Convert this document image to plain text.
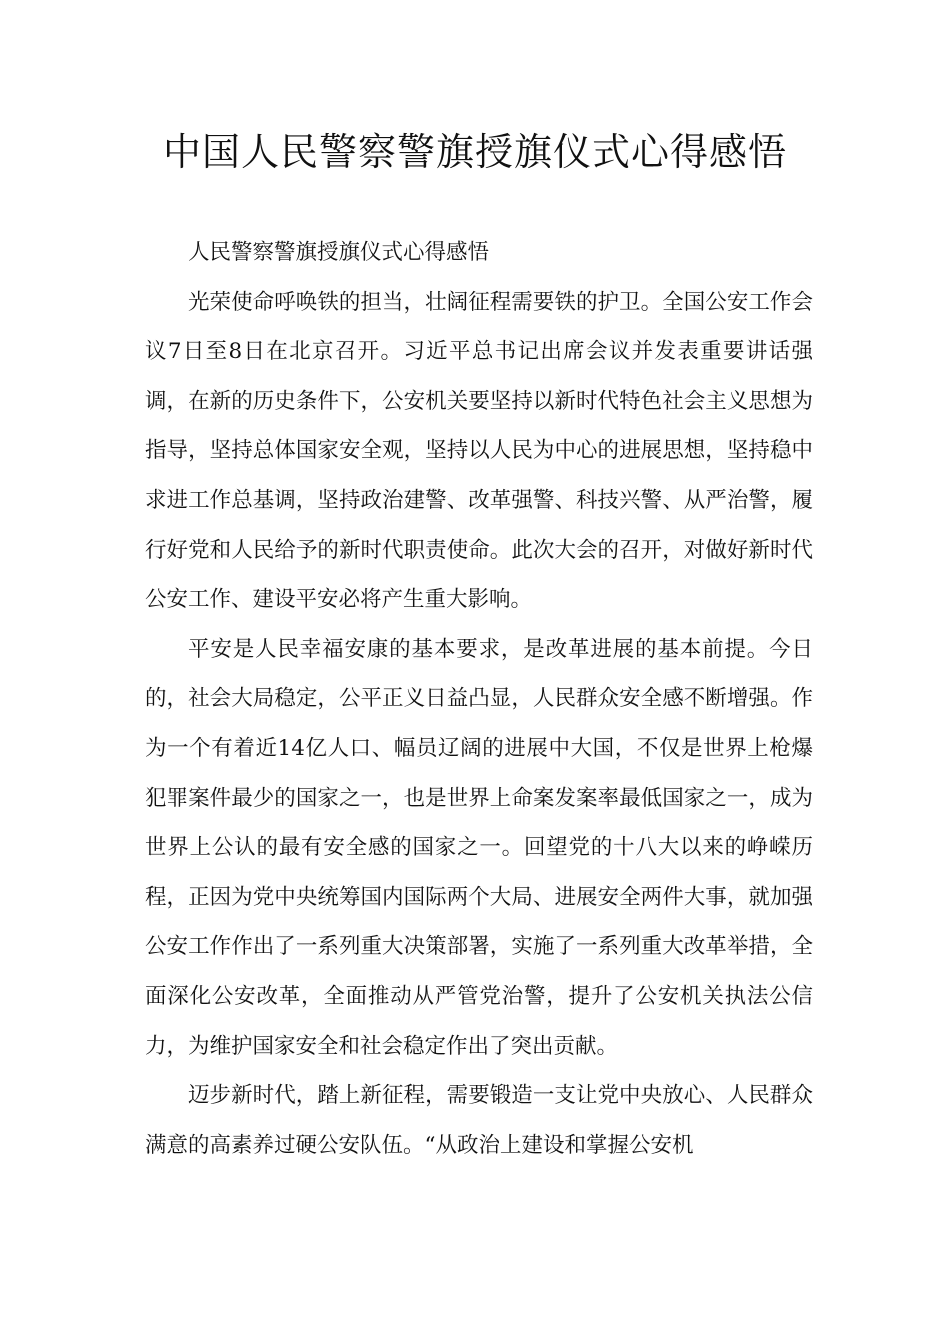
中国人民警察警旗授旗仪式心得感悟

人民警察警旗授旗仪式心得感悟

光荣使命呼唤铁的担当，壮阔征程需要铁的护卫。全国公安工作会议7日至8日在北京召开。习近平总书记出席会议并发表重要讲话强调，在新的历史条件下，公安机关要坚持以新时代特色社会主义思想为指导，坚持总体国家安全观，坚持以人民为中心的进展思想，坚持稳中求进工作总基调，坚持政治建警、改革强警、科技兴警、从严治警，履行好党和人民给予的新时代职责使命。此次大会的召开，对做好新时代公安工作、建设平安必将产生重大影响。

平安是人民幸福安康的基本要求，是改革进展的基本前提。今日的，社会大局稳定，公平正义日益凸显，人民群众安全感不断增强。作为一个有着近14亿人口、幅员辽阔的进展中大国，不仅是世界上枪爆犯罪案件最少的国家之一，也是世界上命案发案率最低国家之一，成为世界上公认的最有安全感的国家之一。回望党的十八大以来的峥嵘历程，正因为党中央统筹国内国际两个大局、进展安全两件大事，就加强公安工作作出了一系列重大决策部署，实施了一系列重大改革举措，全面深化公安改革，全面推动从严管党治警，提升了公安机关执法公信力，为维护国家安全和社会稳定作出了突出贡献。

迈步新时代，踏上新征程，需要锻造一支让党中央放心、人民群众满意的高素养过硬公安队伍。“从政治上建设和掌握公安机
